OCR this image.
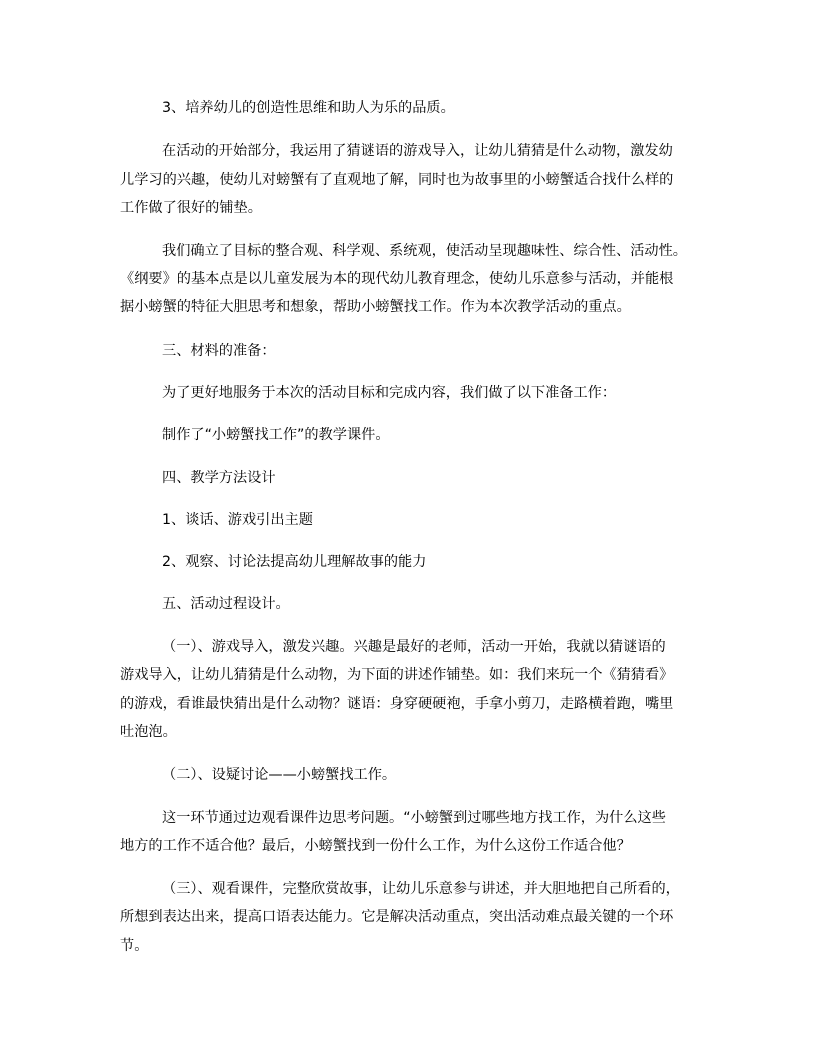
3、培养幼儿的创造性思维和助人为乐的品质。

在活动的开始部分，我运用了猜谜语的游戏导入，让幼儿猜猜是什么动物，激发幼

儿学习的兴趣，使幼儿对螃蟹有了直观地了解，同时也为故事里的小螃蟹适合找什么样的

工作做了很好的铺垫。

我们确立了目标的整合观、科学观、系统观，使活动呈现趣味性、综合性、活动性。

《纲要》的基本点是以儿童发展为本的现代幼儿教育理念，使幼儿乐意参与活动，并能根

据小螃蟹的特征大胆思考和想象，帮助小螃蟹找工作。作为本次教学活动的重点。

三、材料的准备：

为了更好地服务于本次的活动目标和完成内容，我们做了以下准备工作：

制作了“小螃蟹找工作”的教学课件。

四、教学方法设计

1、谈话、游戏引出主题

2、观察、讨论法提高幼儿理解故事的能力

五、活动过程设计。

（一）、游戏导入，激发兴趣。兴趣是最好的老师，活动一开始，我就以猜谜语的

游戏导入，让幼儿猜猜是什么动物，为下面的讲述作铺垫。如：我们来玩一个《猜猜看》

的游戏，看谁最快猜出是什么动物？谜语：身穿硬硬袍，手拿小剪刀，走路横着跑，嘴里

吐泡泡。

（二）、设疑讨论——小螃蟹找工作。

这一环节通过边观看课件边思考问题。“小螃蟹到过哪些地方找工作，为什么这些

地方的工作不适合他？最后，小螃蟹找到一份什么工作，为什么这份工作适合他？

（三）、观看课件，完整欣赏故事，让幼儿乐意参与讲述，并大胆地把自己所看的，

所想到表达出来，提高口语表达能力。它是解决活动重点，突出活动难点最关键的一个环

节。
